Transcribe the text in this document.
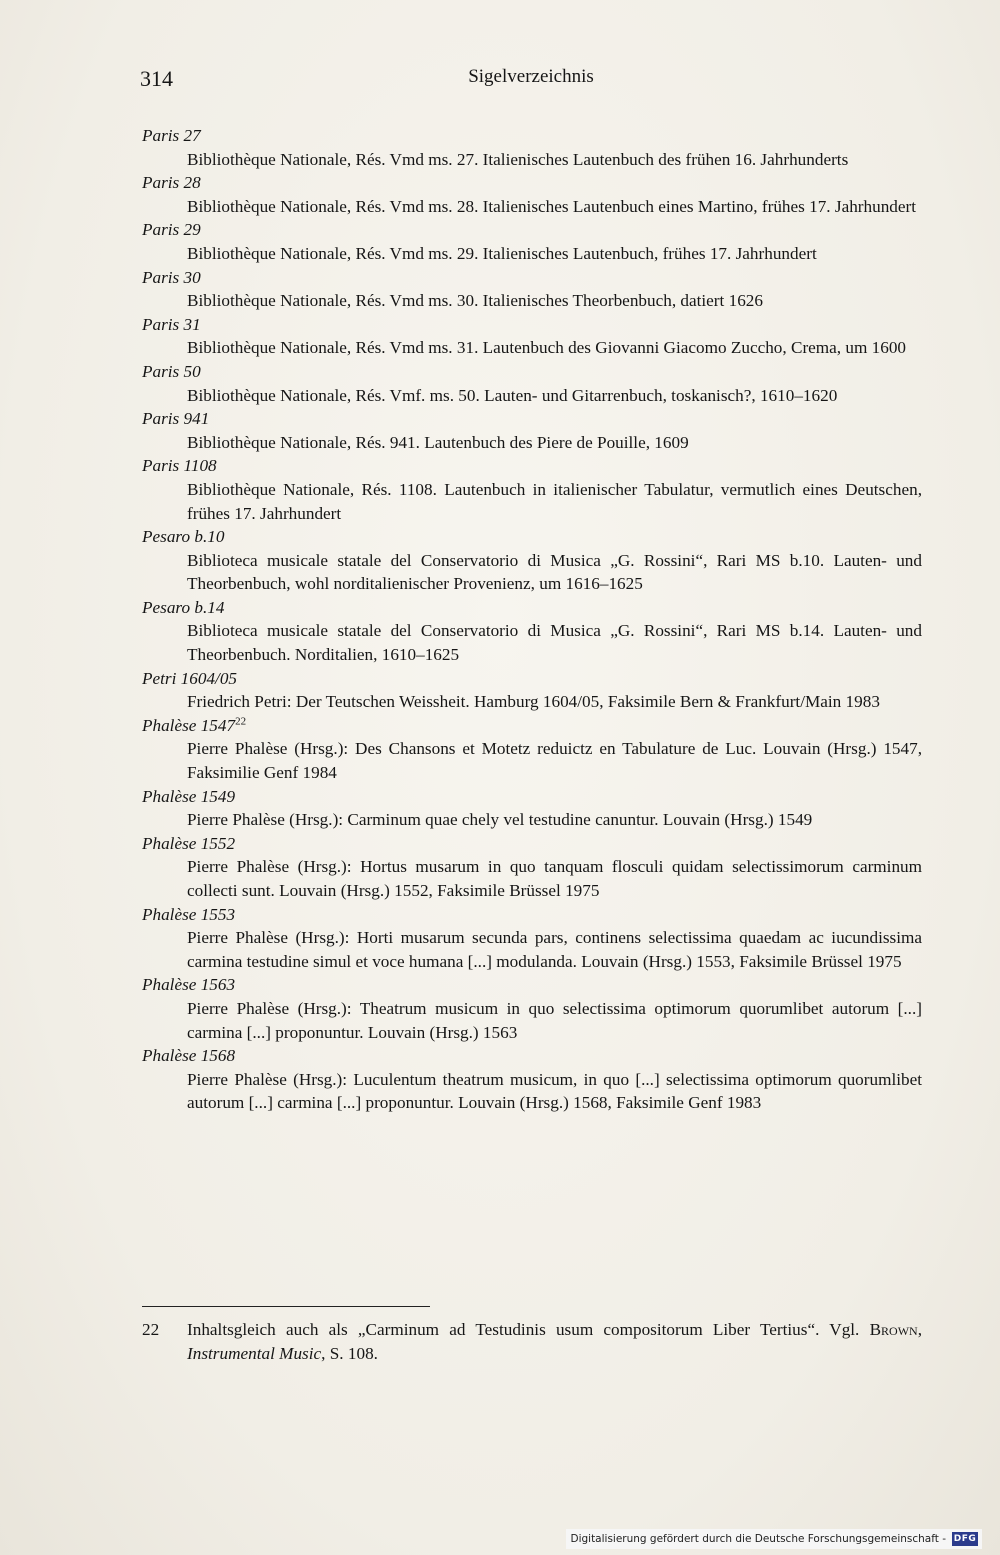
314	Sigelverzeichnis
Paris 27
Bibliothèque Nationale, Rés. Vmd ms. 27. Italienisches Lautenbuch des frühen 16. Jahrhunderts
Paris 28
Bibliothèque Nationale, Rés. Vmd ms. 28. Italienisches Lautenbuch eines Martino, frühes 17. Jahrhundert
Paris 29
Bibliothèque Nationale, Rés. Vmd ms. 29. Italienisches Lautenbuch, frühes 17. Jahrhundert
Paris 30
Bibliothèque Nationale, Rés. Vmd ms. 30. Italienisches Theorbenbuch, datiert 1626
Paris 31
Bibliothèque Nationale, Rés. Vmd ms. 31. Lautenbuch des Giovanni Giacomo Zuccho, Crema, um 1600
Paris 50
Bibliothèque Nationale, Rés. Vmf. ms. 50. Lauten- und Gitarrenbuch, toskanisch?, 1610–1620
Paris 941
Bibliothèque Nationale, Rés. 941. Lautenbuch des Piere de Pouille, 1609
Paris 1108
Bibliothèque Nationale, Rés. 1108. Lautenbuch in italienischer Tabulatur, vermutlich eines Deutschen, frühes 17. Jahrhundert
Pesaro b.10
Biblioteca musicale statale del Conservatorio di Musica „G. Rossini“, Rari MS b.10. Lauten- und Theorbenbuch, wohl norditalienischer Provenienz, um 1616–1625
Pesaro b.14
Biblioteca musicale statale del Conservatorio di Musica „G. Rossini“, Rari MS b.14. Lauten- und Theorbenbuch. Norditalien, 1610–1625
Petri 1604/05
Friedrich Petri: Der Teutschen Weissheit. Hamburg 1604/05, Faksimile Bern & Frankfurt/Main 1983
Phalèse 1547$^{22}$
Pierre Phalèse (Hrsg.): Des Chansons et Motetz reduictz en Tabulature de Luc. Louvain (Hrsg.) 1547, Faksimilie Genf 1984
Phalèse 1549
Pierre Phalèse (Hrsg.): Carminum quae chely vel testudine canuntur. Louvain (Hrsg.) 1549
Phalèse 1552
Pierre Phalèse (Hrsg.): Hortus musarum in quo tanquam flosculi quidam selectissimorum carminum collecti sunt. Louvain (Hrsg.) 1552, Faksimile Brüssel 1975
Phalèse 1553
Pierre Phalèse (Hrsg.): Horti musarum secunda pars, continens selectissima quaedam ac iucundissima carmina testudine simul et voce humana [...] modulanda. Louvain (Hrsg.) 1553, Faksimile Brüssel 1975
Phalèse 1563
Pierre Phalèse (Hrsg.): Theatrum musicum in quo selectissima optimorum quorumlibet autorum [...] carmina [...] proponuntur. Louvain (Hrsg.) 1563
Phalèse 1568
Pierre Phalèse (Hrsg.): Luculentum theatrum musicum, in quo [...] selectissima optimorum quorumlibet autorum [...] carmina [...] proponuntur. Louvain (Hrsg.) 1568, Faksimile Genf 1983
22 Inhaltsgleich auch als „Carminum ad Testudinis usum compositorum Liber Tertius“. Vgl. Brown, Instrumental Music, S. 108.
Digitalisierung gefördert durch die Deutsche Forschungsgemeinschaft - DFG
